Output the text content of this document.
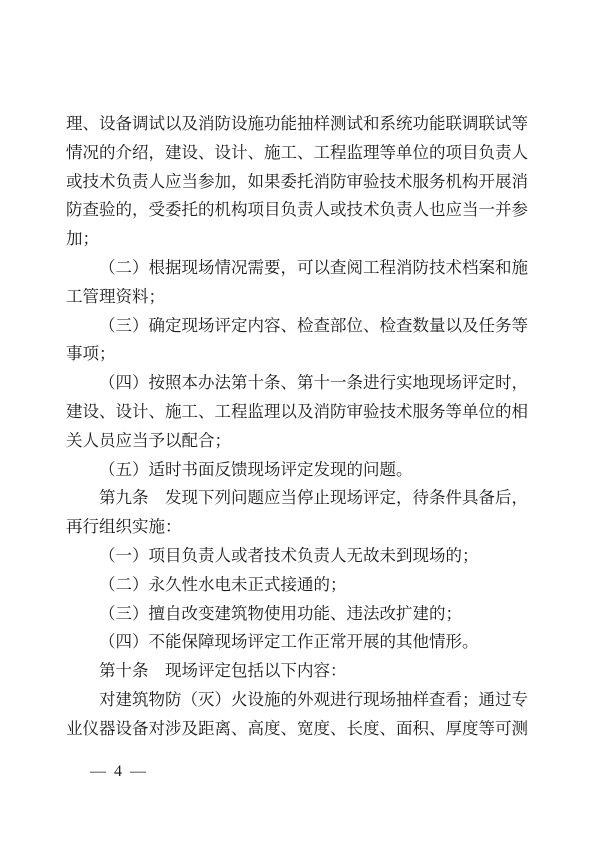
理、设备调试以及消防设施功能抽样测试和系统功能联调联试等
情况的介绍，建设、设计、施工、工程监理等单位的项目负责人
或技术负责人应当参加，如果委托消防审验技术服务机构开展消
防查验的，受委托的机构项目负责人或技术负责人也应当一并参
加；
（二）根据现场情况需要，可以查阅工程消防技术档案和施
工管理资料；
（三）确定现场评定内容、检查部位、检查数量以及任务等
事项；
（四）按照本办法第十条、第十一条进行实地现场评定时，
建设、设计、施工、工程监理以及消防审验技术服务等单位的相
关人员应当予以配合；
（五）适时书面反馈现场评定发现的问题。
第九条　发现下列问题应当停止现场评定，待条件具备后，
再行组织实施：
（一）项目负责人或者技术负责人无故未到现场的；
（二）永久性水电未正式接通的；
（三）擅自改变建筑物使用功能、违法改扩建的；
（四）不能保障现场评定工作正常开展的其他情形。
第十条　现场评定包括以下内容：
对建筑物防（灭）火设施的外观进行现场抽样查看；通过专
业仪器设备对涉及距离、高度、宽度、长度、面积、厚度等可测
— 4 —
